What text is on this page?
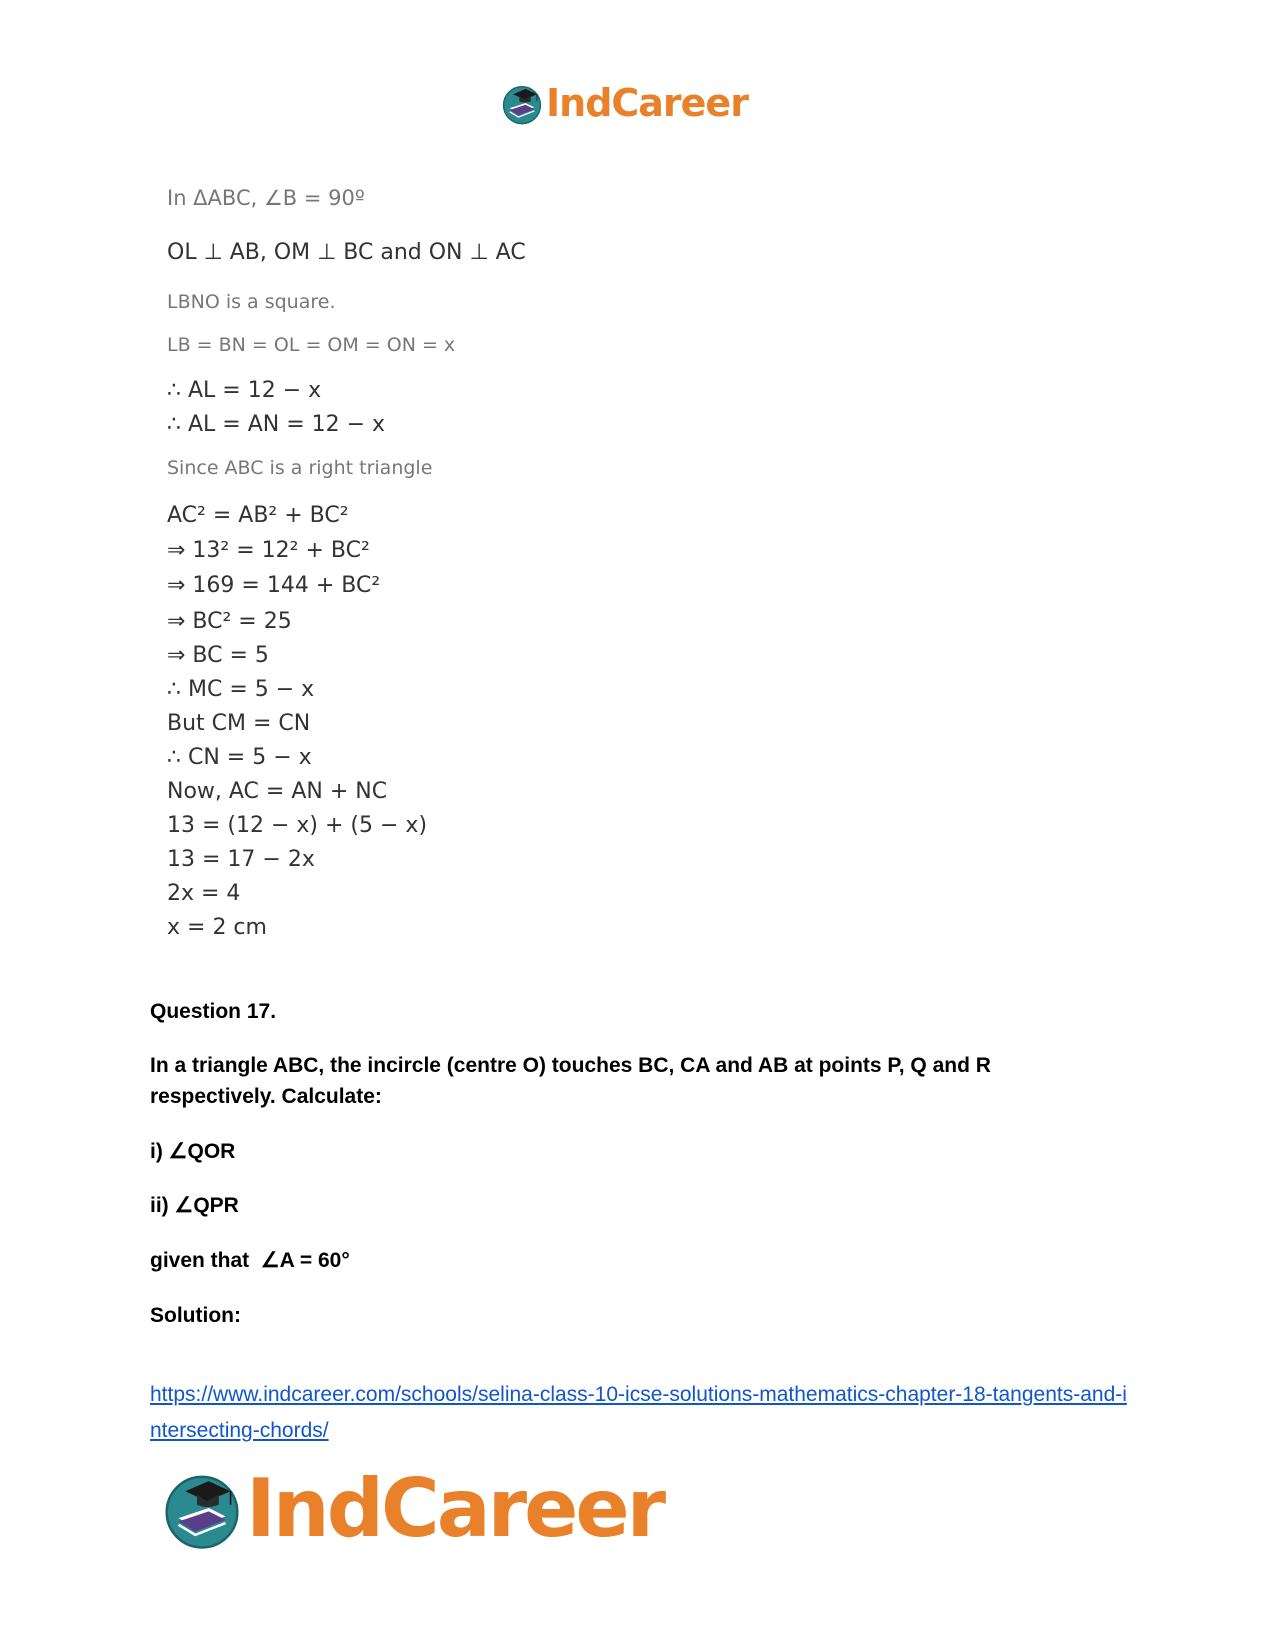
IndCareer
In ΔABC, ∠B = 90º
OL ⊥ AB, OM ⊥ BC and ON ⊥ AC
LBNO is a square.
LB = BN = OL = OM = ON = x
∴ AL = 12 − x
∴ AL = AN = 12 − x
Since ABC is a right triangle
AC² = AB² + BC²
⇒ 13² = 12² + BC²
⇒ 169 = 144 + BC²
⇒ BC² = 25
⇒ BC = 5
∴ MC = 5 − x
But CM = CN
∴ CN = 5 − x
Now, AC = AN + NC
13 = (12 − x) + (5 − x)
13 = 17 − 2x
2x = 4
x = 2 cm
Question 17.
In a triangle ABC, the incircle (centre O) touches BC, CA and AB at points P, Q and R respectively. Calculate:
i) ∠QOR
ii) ∠QPR
given that  ∠A = 60°
Solution:
https://www.indcareer.com/schools/selina-class-10-icse-solutions-mathematics-chapter-18-tangents-and-intersecting-chords/
IndCareer
